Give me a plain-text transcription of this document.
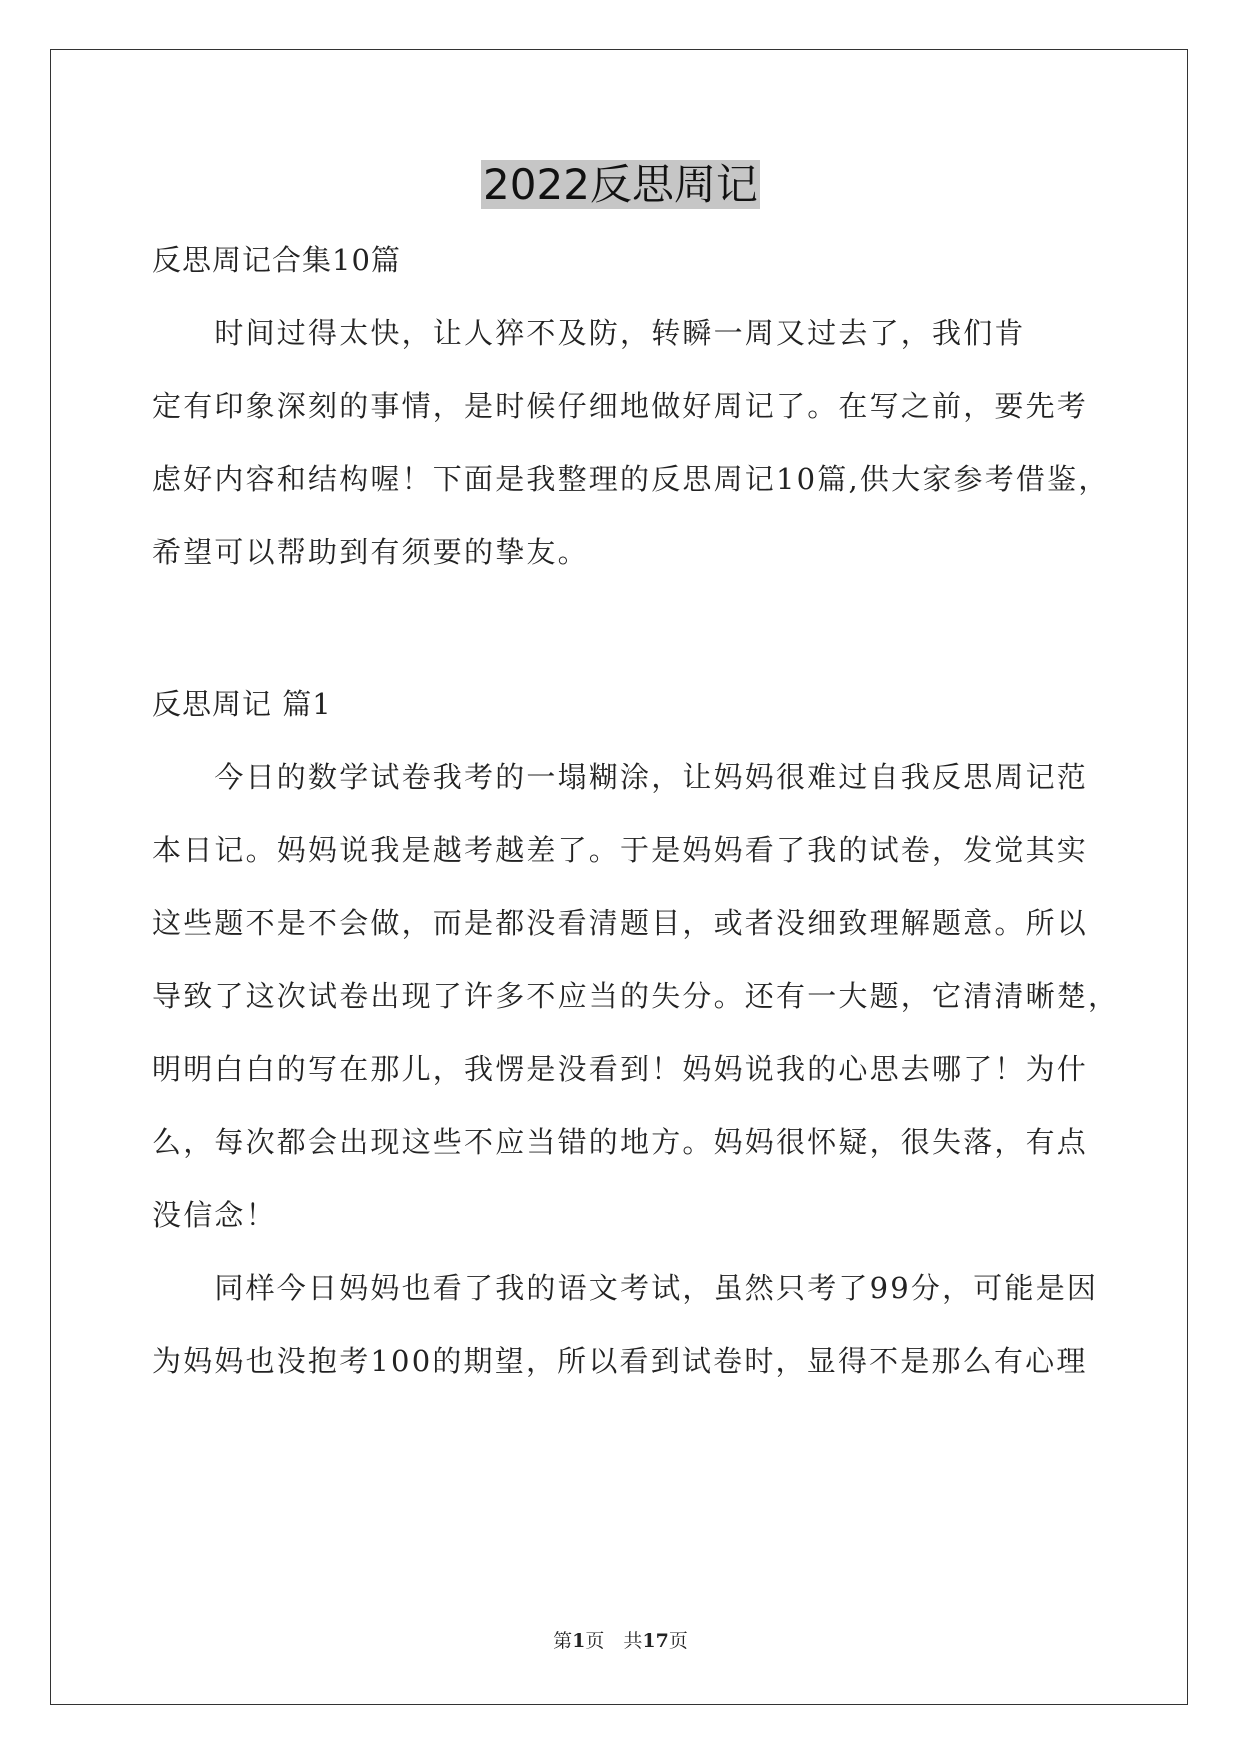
2022反思周记
反思周记合集10篇
　　时间过得太快，让人猝不及防，转瞬一周又过去了，我们肯
定有印象深刻的事情，是时候仔细地做好周记了。在写之前，要先考
虑好内容和结构喔！下面是我整理的反思周记10篇,供大家参考借鉴，
希望可以帮助到有须要的挚友。
反思周记 篇1
　　今日的数学试卷我考的一塌糊涂，让妈妈很难过自我反思周记范
本日记。妈妈说我是越考越差了。于是妈妈看了我的试卷，发觉其实
这些题不是不会做，而是都没看清题目，或者没细致理解题意。所以
导致了这次试卷出现了许多不应当的失分。还有一大题，它清清晰楚，
明明白白的写在那儿，我愣是没看到！妈妈说我的心思去哪了！为什
么，每次都会出现这些不应当错的地方。妈妈很怀疑，很失落，有点
没信念！
　　同样今日妈妈也看了我的语文考试，虽然只考了99分，可能是因
为妈妈也没抱考100的期望，所以看到试卷时，显得不是那么有心理
第1页　共17页
